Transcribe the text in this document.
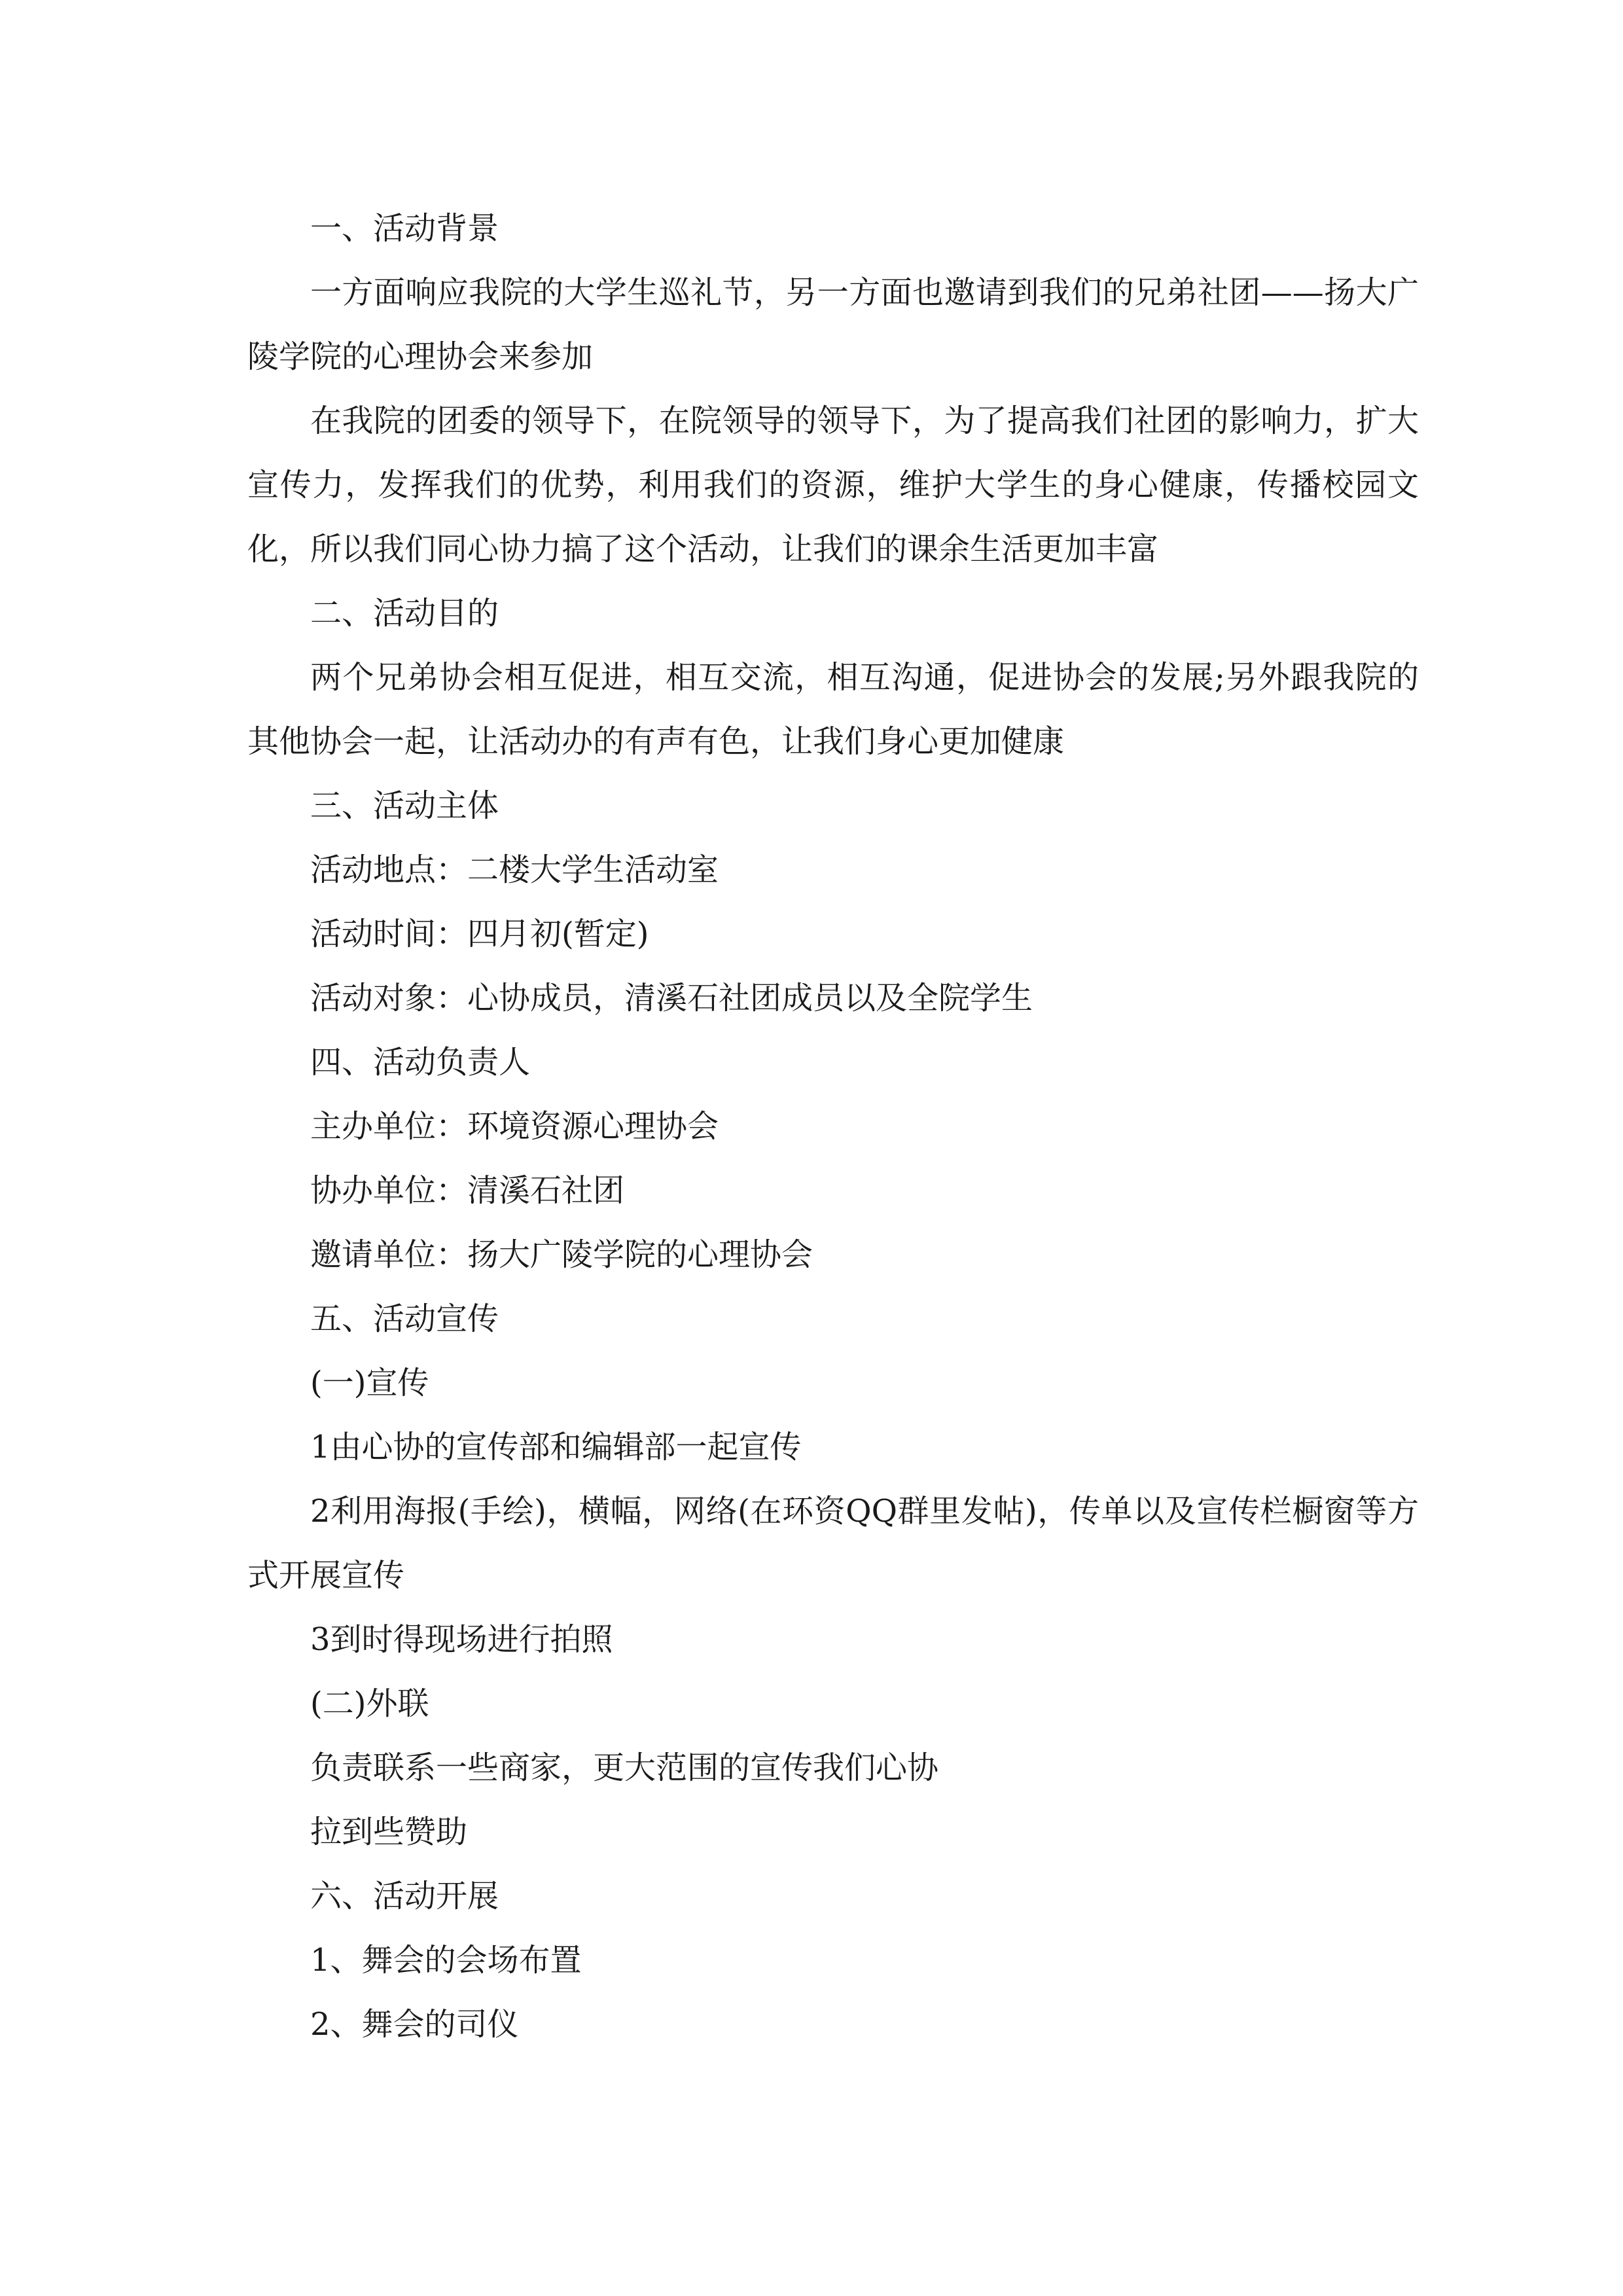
一、活动背景

一方面响应我院的大学生巡礼节，另一方面也邀请到我们的兄弟社团——扬大广陵学院的心理协会来参加

在我院的团委的领导下，在院领导的领导下，为了提高我们社团的影响力，扩大宣传力，发挥我们的优势，利用我们的资源，维护大学生的身心健康，传播校园文化，所以我们同心协力搞了这个活动，让我们的课余生活更加丰富

二、活动目的

两个兄弟协会相互促进，相互交流，相互沟通，促进协会的发展;另外跟我院的其他协会一起，让活动办的有声有色，让我们身心更加健康

三、活动主体

活动地点：二楼大学生活动室

活动时间：四月初(暂定)

活动对象：心协成员，清溪石社团成员以及全院学生

四、活动负责人

主办单位：环境资源心理协会

协办单位：清溪石社团

邀请单位：扬大广陵学院的心理协会

五、活动宣传

(一)宣传

1由心协的宣传部和编辑部一起宣传

2利用海报(手绘)，横幅，网络(在环资QQ群里发帖)，传单以及宣传栏橱窗等方式开展宣传

3到时得现场进行拍照

(二)外联

负责联系一些商家，更大范围的宣传我们心协

拉到些赞助

六、活动开展

1、舞会的会场布置

2、舞会的司仪
